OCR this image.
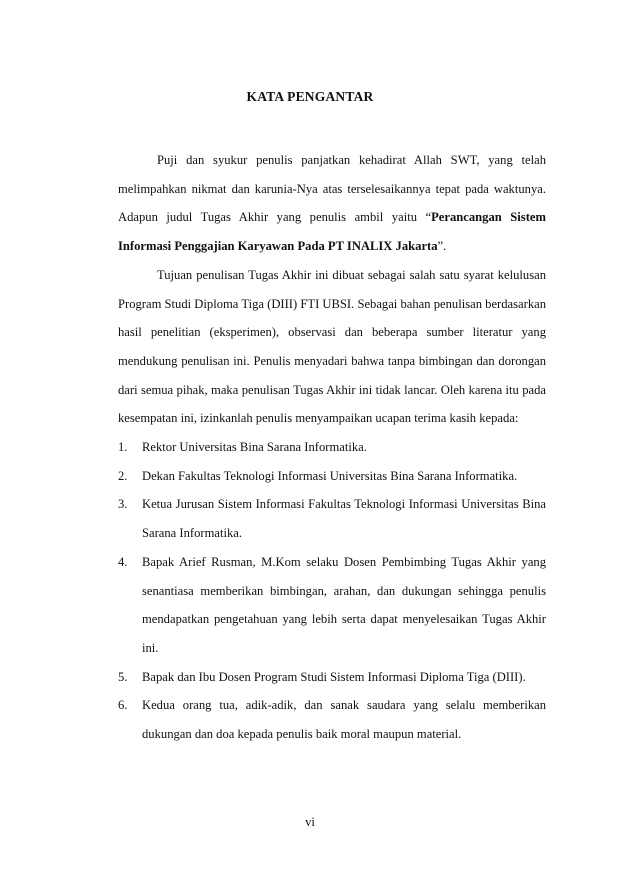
KATA PENGANTAR

Puji dan syukur penulis panjatkan kehadirat Allah SWT, yang telah melimpahkan nikmat dan karunia-Nya atas terselesaikannya tepat pada waktunya. Adapun judul Tugas Akhir yang penulis ambil yaitu “Perancangan Sistem Informasi Penggajian Karyawan Pada PT INALIX Jakarta”.

Tujuan penulisan Tugas Akhir ini dibuat sebagai salah satu syarat kelulusan Program Studi Diploma Tiga (DIII) FTI UBSI. Sebagai bahan penulisan berdasarkan hasil penelitian (eksperimen), observasi dan beberapa sumber literatur yang mendukung penulisan ini. Penulis menyadari bahwa tanpa bimbingan dan dorongan dari semua pihak, maka penulisan Tugas Akhir ini tidak lancar. Oleh karena itu pada kesempatan ini, izinkanlah penulis menyampaikan ucapan terima kasih kepada:

1. Rektor Universitas Bina Sarana Informatika.
2. Dekan Fakultas Teknologi Informasi Universitas Bina Sarana Informatika.
3. Ketua Jurusan Sistem Informasi Fakultas Teknologi Informasi Universitas Bina Sarana Informatika.
4. Bapak Arief Rusman, M.Kom selaku Dosen Pembimbing Tugas Akhir yang senantiasa memberikan bimbingan, arahan, dan dukungan sehingga penulis mendapatkan pengetahuan yang lebih serta dapat menyelesaikan Tugas Akhir ini.
5. Bapak dan Ibu Dosen Program Studi Sistem Informasi Diploma Tiga (DIII).
6. Kedua orang tua, adik-adik, dan sanak saudara yang selalu memberikan dukungan dan doa kepada penulis baik moral maupun material.
vi
